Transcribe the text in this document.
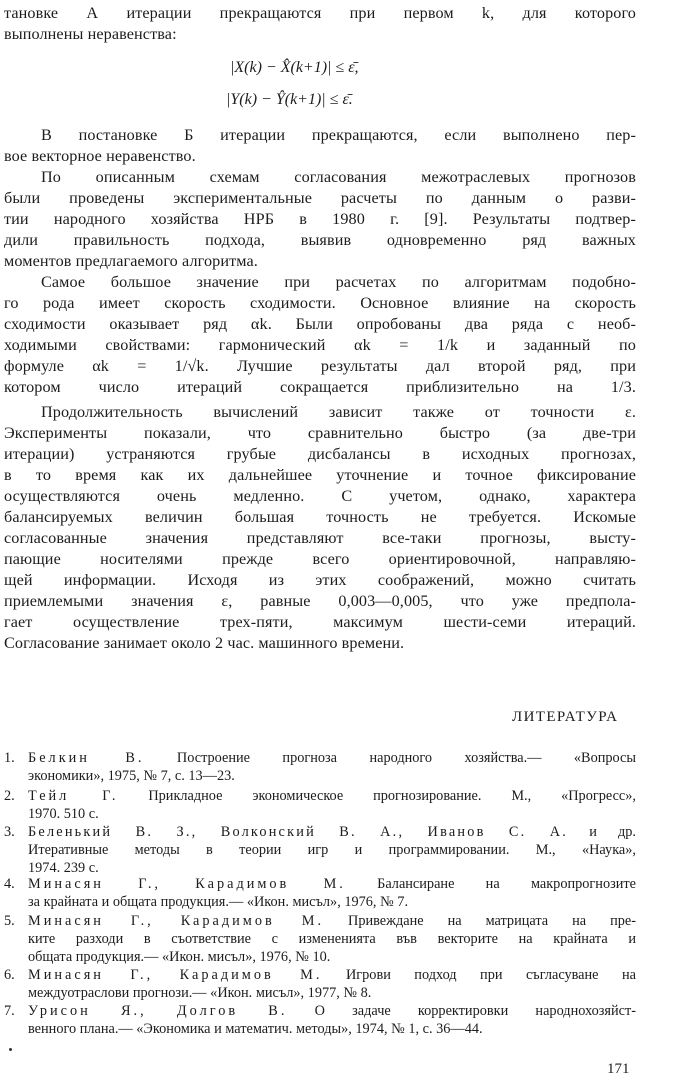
тановке А итерации прекращаются при первом k, для которого
выполнены неравенства:
|X(k) − X̂(k+1)| ≤ ε̄,
|Y(k) − Ŷ(k+1)| ≤ ε̄.
В постановке Б итерации прекращаются, если выполнено пер-
вое векторное неравенство.
По описанным схемам согласования межотраслевых прогнозов
были проведены экспериментальные расчеты по данным о разви-
тии народного хозяйства НРБ в 1980 г. [9]. Результаты подтвер-
дили правильность подхода, выявив одновременно ряд важных
моментов предлагаемого алгоритма.
Самое большое значение при расчетах по алгоритмам подобно-
го рода имеет скорость сходимости. Основное влияние на скорость
сходимости оказывает ряд αk. Были опробованы два ряда с необ-
ходимыми свойствами: гармонический αk = 1/k и заданный по
формуле αk = 1/√k. Лучшие результаты дал второй ряд, при
котором число итераций сокращается приблизительно на 1/3.
Продолжительность вычислений зависит также от точности ε.
Эксперименты показали, что сравнительно быстро (за две-три
итерации) устраняются грубые дисбалансы в исходных прогнозах,
в то время как их дальнейшее уточнение и точное фиксирование
осуществляются очень медленно. С учетом, однако, характера
балансируемых величин большая точность не требуется. Искомые
согласованные значения представляют все-таки прогнозы, высту-
пающие носителями прежде всего ориентировочной, направляю-
щей информации. Исходя из этих соображений, можно считать
приемлемыми значения ε, равные 0,003—0,005, что уже предпола-
гает осуществление трех-пяти, максимум шести-семи итераций.
Согласование занимает около 2 час. машинного времени.
ЛИТЕРАТУРА
1. Белкин В. Построение прогноза народного хозяйства.— «Вопросы
экономики», 1975, № 7, с. 13—23.
2. Тейл Г. Прикладное экономическое прогнозирование. М., «Прогресс»,
1970. 510 с.
3. Беленький В. З., Волконский В. А., Иванов С. А. и др.
Итеративные методы в теории игр и программировании. М., «Наука»,
1974. 239 с.
4. Минасян Г., Карадимов М. Балансиране на макропрогнозите
за крайната и общата продукция.— «Икон. мисъл», 1976, № 7.
5. Минасян Г., Карадимов М. Привеждане на матрицата на пре-
ките разходи в съответствие с измененията във векторите на крайната и
общата продукция.— «Икон. мисъл», 1976, № 10.
6. Минасян Г., Карадимов М. Игрови подход при съгласуване на
междуотраслови прогнози.— «Икон. мисъл», 1977, № 8.
7. Урисон Я., Долгов В. О задаче корректировки народнохозяйст-
венного плана.— «Экономика и математич. методы», 1974, № 1, с. 36—44.
171
